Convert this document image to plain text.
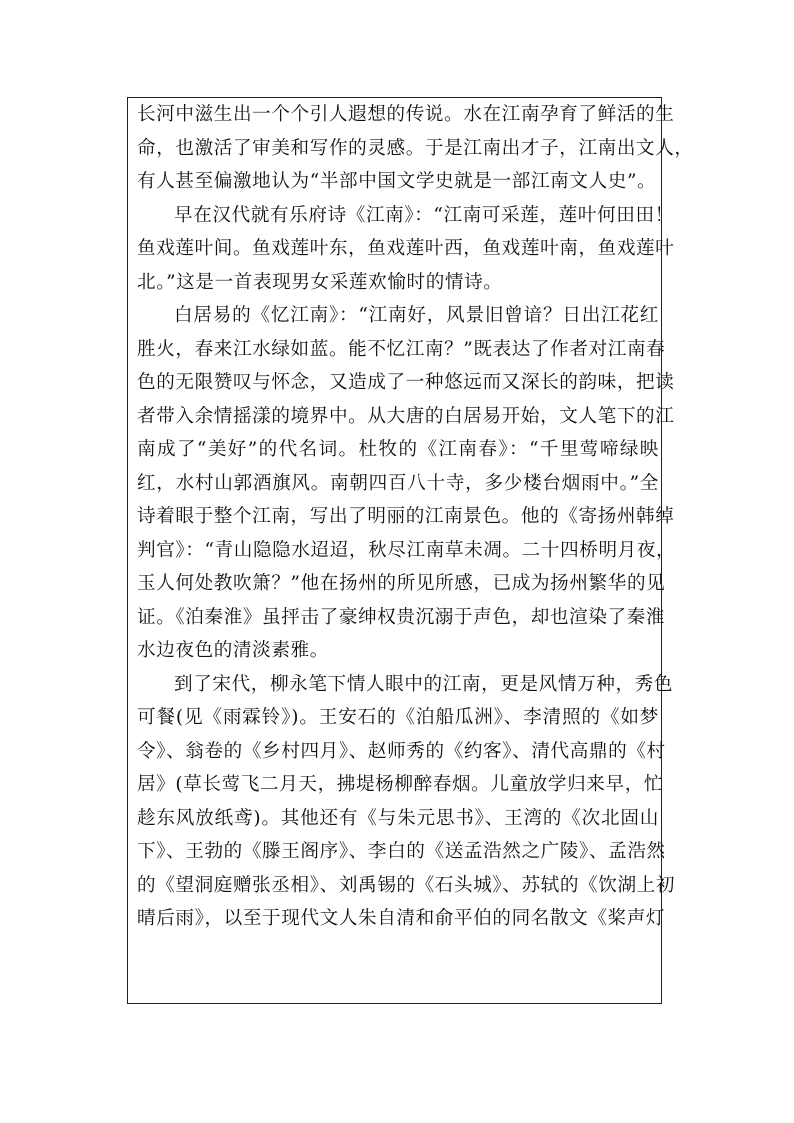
长河中滋生出一个个引人遐想的传说。水在江南孕育了鲜活的生
命，也激活了审美和写作的灵感。于是江南出才子，江南出文人，
有人甚至偏激地认为“半部中国文学史就是一部江南文人史”。
早在汉代就有乐府诗《江南》：“江南可采莲，莲叶何田田！
鱼戏莲叶间。鱼戏莲叶东，鱼戏莲叶西，鱼戏莲叶南，鱼戏莲叶
北。”这是一首表现男女采莲欢愉时的情诗。
白居易的《忆江南》：“江南好，风景旧曾谙？日出江花红
胜火，春来江水绿如蓝。能不忆江南？”既表达了作者对江南春
色的无限赞叹与怀念，又造成了一种悠远而又深长的韵味，把读
者带入余情摇漾的境界中。从大唐的白居易开始，文人笔下的江
南成了“美好”的代名词。杜牧的《江南春》：“千里莺啼绿映
红，水村山郭酒旗风。南朝四百八十寺，多少楼台烟雨中。”全
诗着眼于整个江南，写出了明丽的江南景色。他的《寄扬州韩绰
判官》：“青山隐隐水迢迢，秋尽江南草未凋。二十四桥明月夜，
玉人何处教吹箫？”他在扬州的所见所感，已成为扬州繁华的见
证。《泊秦淮》虽抨击了豪绅权贵沉溺于声色，却也渲染了秦淮
水边夜色的清淡素雅。
到了宋代，柳永笔下情人眼中的江南，更是风情万种，秀色
可餐(见《雨霖铃》)。王安石的《泊船瓜洲》、李清照的《如梦
令》、翁卷的《乡村四月》、赵师秀的《约客》、清代高鼎的《村
居》(草长莺飞二月天，拂堤杨柳醉春烟。儿童放学归来早，忙
趁东风放纸鸢)。其他还有《与朱元思书》、王湾的《次北固山
下》、王勃的《滕王阁序》、李白的《送孟浩然之广陵》、孟浩然
的《望洞庭赠张丞相》、刘禹锡的《石头城》、苏轼的《饮湖上初
晴后雨》，以至于现代文人朱自清和俞平伯的同名散文《桨声灯
